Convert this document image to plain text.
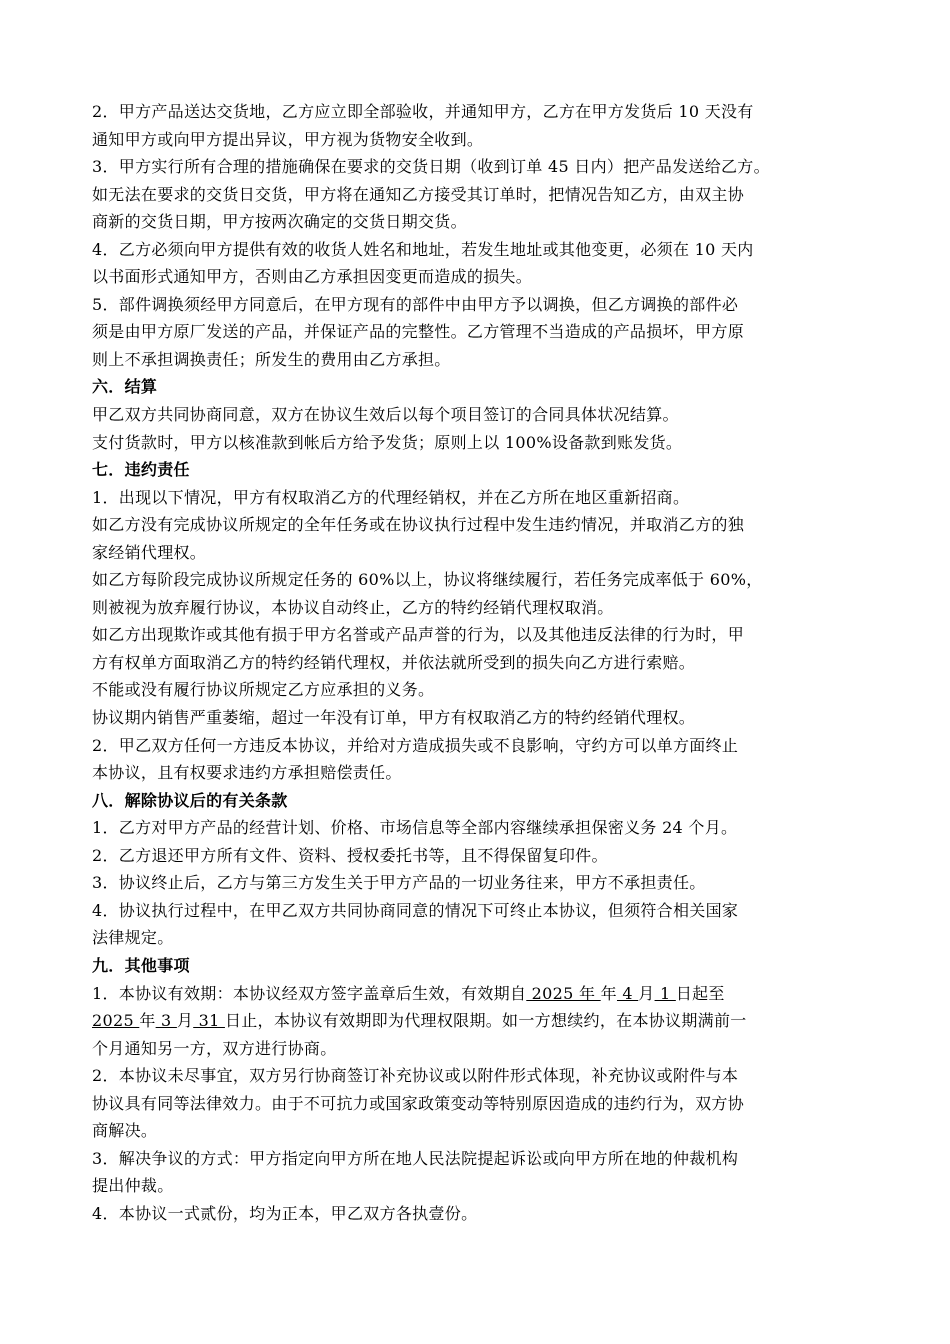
2．甲方产品送达交货地，乙方应立即全部验收，并通知甲方，乙方在甲方发货后 10 天没有
通知甲方或向甲方提出异议，甲方视为货物安全收到。
3．甲方实行所有合理的措施确保在要求的交货日期（收到订单 45 日内）把产品发送给乙方。
如无法在要求的交货日交货，甲方将在通知乙方接受其订单时，把情况告知乙方，由双主协
商新的交货日期，甲方按两次确定的交货日期交货。
4．乙方必须向甲方提供有效的收货人姓名和地址，若发生地址或其他变更，必须在 10 天内
以书面形式通知甲方，否则由乙方承担因变更而造成的损失。
5．部件调换须经甲方同意后，在甲方现有的部件中由甲方予以调换，但乙方调换的部件必
须是由甲方原厂发送的产品，并保证产品的完整性。乙方管理不当造成的产品损坏，甲方原
则上不承担调换责任；所发生的费用由乙方承担。
六．结算
甲乙双方共同协商同意，双方在协议生效后以每个项目签订的合同具体状况结算。
支付货款时，甲方以核准款到帐后方给予发货；原则上以 100%设备款到账发货。
七．违约责任
1．出现以下情况，甲方有权取消乙方的代理经销权，并在乙方所在地区重新招商。
如乙方没有完成协议所规定的全年任务或在协议执行过程中发生违约情况，并取消乙方的独
家经销代理权。
如乙方每阶段完成协议所规定任务的 60%以上，协议将继续履行，若任务完成率低于 60%，
则被视为放弃履行协议，本协议自动终止，乙方的特约经销代理权取消。
如乙方出现欺诈或其他有损于甲方名誉或产品声誉的行为，以及其他违反法律的行为时，甲
方有权单方面取消乙方的特约经销代理权，并依法就所受到的损失向乙方进行索赔。
不能或没有履行协议所规定乙方应承担的义务。
协议期内销售严重萎缩，超过一年没有订单，甲方有权取消乙方的特约经销代理权。
2．甲乙双方任何一方违反本协议，并给对方造成损失或不良影响，守约方可以单方面终止
本协议，且有权要求违约方承担赔偿责任。
八．解除协议后的有关条款
1．乙方对甲方产品的经营计划、价格、市场信息等全部内容继续承担保密义务 24 个月。
2．乙方退还甲方所有文件、资料、授权委托书等，且不得保留复印件。
3．协议终止后，乙方与第三方发生关于甲方产品的一切业务往来，甲方不承担责任。
4．协议执行过程中，在甲乙双方共同协商同意的情况下可终止本协议，但须符合相关国家
法律规定。
九．其他事项
1．本协议有效期：本协议经双方签字盖章后生效，有效期自 2025 年 年 4 月 1 日起至
2025 年 3 月 31 日止，本协议有效期即为代理权限期。如一方想续约，在本协议期满前一
个月通知另一方，双方进行协商。
2．本协议未尽事宜，双方另行协商签订补充协议或以附件形式体现，补充协议或附件与本
协议具有同等法律效力。由于不可抗力或国家政策变动等特别原因造成的违约行为，双方协
商解决。
3．解决争议的方式：甲方指定向甲方所在地人民法院提起诉讼或向甲方所在地的仲裁机构
提出仲裁。
4．本协议一式贰份，均为正本，甲乙双方各执壹份。
